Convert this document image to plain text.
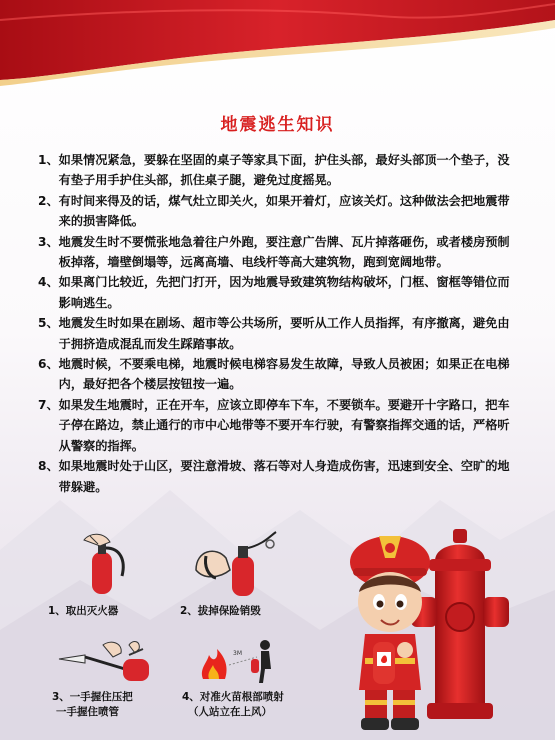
地震逃生知识
1、 如果情况紧急，要躲在坚固的桌子等家具下面，护住头部，最好头部顶一个垫子，没有垫子用手护住头部，抓住桌子腿，避免过度摇晃。
2、 有时间来得及的话，煤气灶立即关火，如果开着灯，应该关灯。这种做法会把地震带来的损害降低。
3、 地震发生时不要慌张地急着往户外跑，要注意广告牌、瓦片掉落砸伤，或者楼房预制板掉落，墙壁倒塌等，远离高墙、电线杆等高大建筑物，跑到宽阔地带。
4、 如果离门比较近，先把门打开，因为地震导致建筑物结构破坏，门框、窗框等错位而影响逃生。
5、 地震发生时如果在剧场、超市等公共场所，要听从工作人员指挥，有序撤离，避免由于拥挤造成混乱而发生踩踏事故。
6、 地震时候，不要乘电梯，地震时候电梯容易发生故障，导致人员被困；如果正在电梯内，最好把各个楼层按钮按一遍。
7、 如果发生地震时，正在开车，应该立即停车下车，不要锁车。要避开十字路口，把车子停在路边，禁止通行的市中心地带等不要开车行驶，有警察指挥交通的话，严格听从警察的指挥。
8、 如果地震时处于山区，要注意滑坡、落石等对人身造成伤害，迅速到安全、空旷的地带躲避。
1、取出灭火器	2、拔掉保险销毁
3、一手握住压把
一手握住喷管
3M
4、对准火苗根部喷射
（人站立在上风）
